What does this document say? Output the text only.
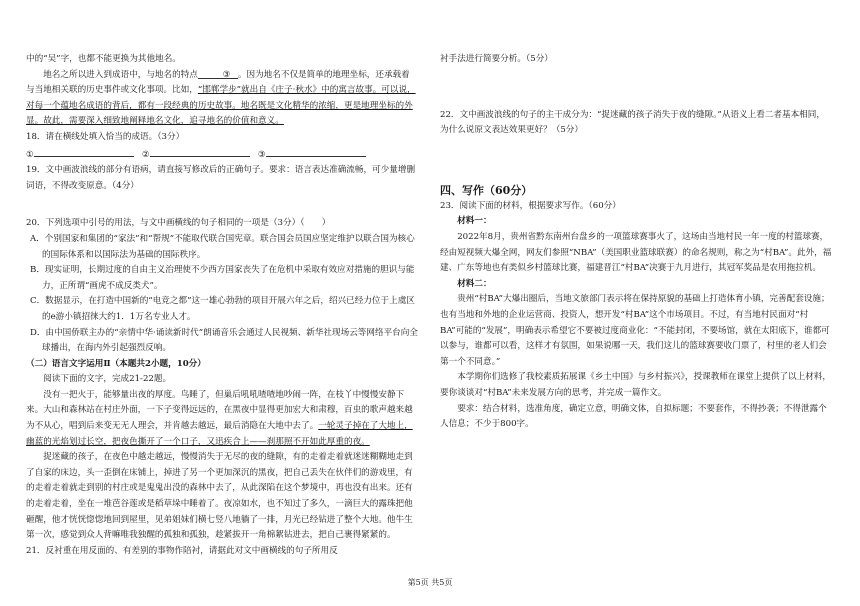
中的“吴”字，也都不能更换为其他地名。

地名之所以进入到成语中，与地名的特点	③ 。因为地名不仅是简单的地理坐标，还承载着与当地相关联的历史事件或文化事项。比如，“邯郸学步”就出自《庄子·秋水》中的寓言故事。可以说，对每一个蕴地名成语的背后，都有一段经典的历史故事。地名既是文化精华的浓缩，更是地理坐标的外显。故此，需要深入细致地阐释地名文化，追寻地名的价值和意义。

18．请在横线处填入恰当的成语。（3分）

①	②	③

19．文中画波浪线的部分有语病，请直接写修改后的正确句子。要求：语言表达准确流畅，可少量增删词语，不得改变原意。（4分）

20．下列选项中引号的用法，与文中画横线的句子相同的一项是（3分）（　　）

A．个别国家和集团的“家法”和“帮规”不能取代联合国宪章。联合国会员国应坚定维护以联合国为核心的国际体系和以国际法为基础的国际秩序。

B．现实证明，长期过度的自由主义治理使不少西方国家丧失了在危机中采取有效应对措施的胆识与能力，正所谓“画虎不成反类犬”。

C．数据显示，在打造中国新的“电竞之都”这一雄心勃勃的项目开展六年之后，绍兴已经力位于上虞区的e游小镇招徕大约1．1万名专业人才。

D．由中国侨联主办的“亲情中华·诵读新时代”朗诵音乐会通过人民视频、新华社现场云等网络平台向全球播出，在海内外引起强烈反响。

（二）语言文字运用Ⅱ（本题共2小题，10分）

阅读下面的文字，完成21-22题。

没有一把火于，能够量出夜的厚度。鸟睡了，但巢后吼吼喳喳地吵闹一阵，在枝丫中慢慢安静下来。大山和森林站在村庄外面，一下子变得远远的，在黑夜中显得更加宏大和肃穆，百虫的歌声越来越为不从心，唱到后来变无无人理会，并肯越去越远，最后消隐在大地中去了。一轮灵子掉在了大地上，幽蓝的光焰划过长空，把夜色撕开了一个口子，又迅疾合上——刹那照不开如此厚重的夜。

捉迷藏的孩子，在夜色中越走越远，慢慢消失于无尽的夜的缝隙，有的走着走着就迷迷糊糊地走到了自家的床边，头一歪倒在床铺上，掉进了另一个更加深沉的黑夜，把自己丢失在伙伴们的游戏里，有的走着走着就走到别的村庄或是鬼鬼出没的森林中去了，从此深陷在这个梦境中，再也没有出来。还有的走着走着，坐在一堆芭谷莲或是稻草垛中睡着了。夜凉如水，也不知过了多久，一滴巨大的露珠把他砸醒，他才恍恍惚惚地回到屋里，见弟姐妹们横七竖八地躺了一排，月光已经钻进了整个大地。他牛生第一次，感觉到众人背嘛唯我独醒的孤独和孤独，趁紧拔开一角棉絮钻进去，把自己裹得紧紧的。

21．反衬重在用反面的、有差别的事物作陪衬，请据此对文中画横线的句子所用反

衬手法进行简要分析。（5分）

22．文中画波浪线的句子的主干成分为：“捉迷藏的孩子消失于夜的缝隙。”从语义上看二者基本相同，为什么说原文表达效果更好？（5分）

四、写作（60分）

23．阅读下面的材料，根据要求写作。（60分）

材料一：

2022年8月，贵州省黔东南州台盘乡的一项篮球赛事火了，这场由当地村民一年一度的村篮球赛，经由短视频大爆全网，网友们参照“NBA”（美国职业篮球联赛）的命名规则，称之为“村BA”。此外，福建、广东等地也有类似乡村篮球比赛，福建晋江“村BA”决赛于九月进行，其冠军奖品是农用拖拉机。

材料二：

贵州“村BA”大爆出圈后，当地文旅部门表示将在保持原貌的基础上打造体育小镇，完善配套设施；也有当地和外地的企业运营商、投资人，想开发“村BA”这个市场项目。不过，有当地村民面对“村BA”可能的“发展”，明确表示希望它不要被过度商业化：“不能封闭，不要场馆，就在太阳底下，谁都可以参与，谁都可以看，这样才有氛围，如果说哪一天，我们这儿的篮球赛要收门票了，村里的老人们会第一个不同意。”

本学期你们选修了我校素质拓展课《乡土中国》与乡村振兴》，授课教师在课堂上提供了以上材料，要你谈谈对“村BA”未来发展方向的思考，并完成一篇作文。

要求：结合材料，选准角度，确定立意，明确文体，自拟标题；不要套作，不得抄袭；不得泄露个人信息；不少于800字。

第5页 共5页
